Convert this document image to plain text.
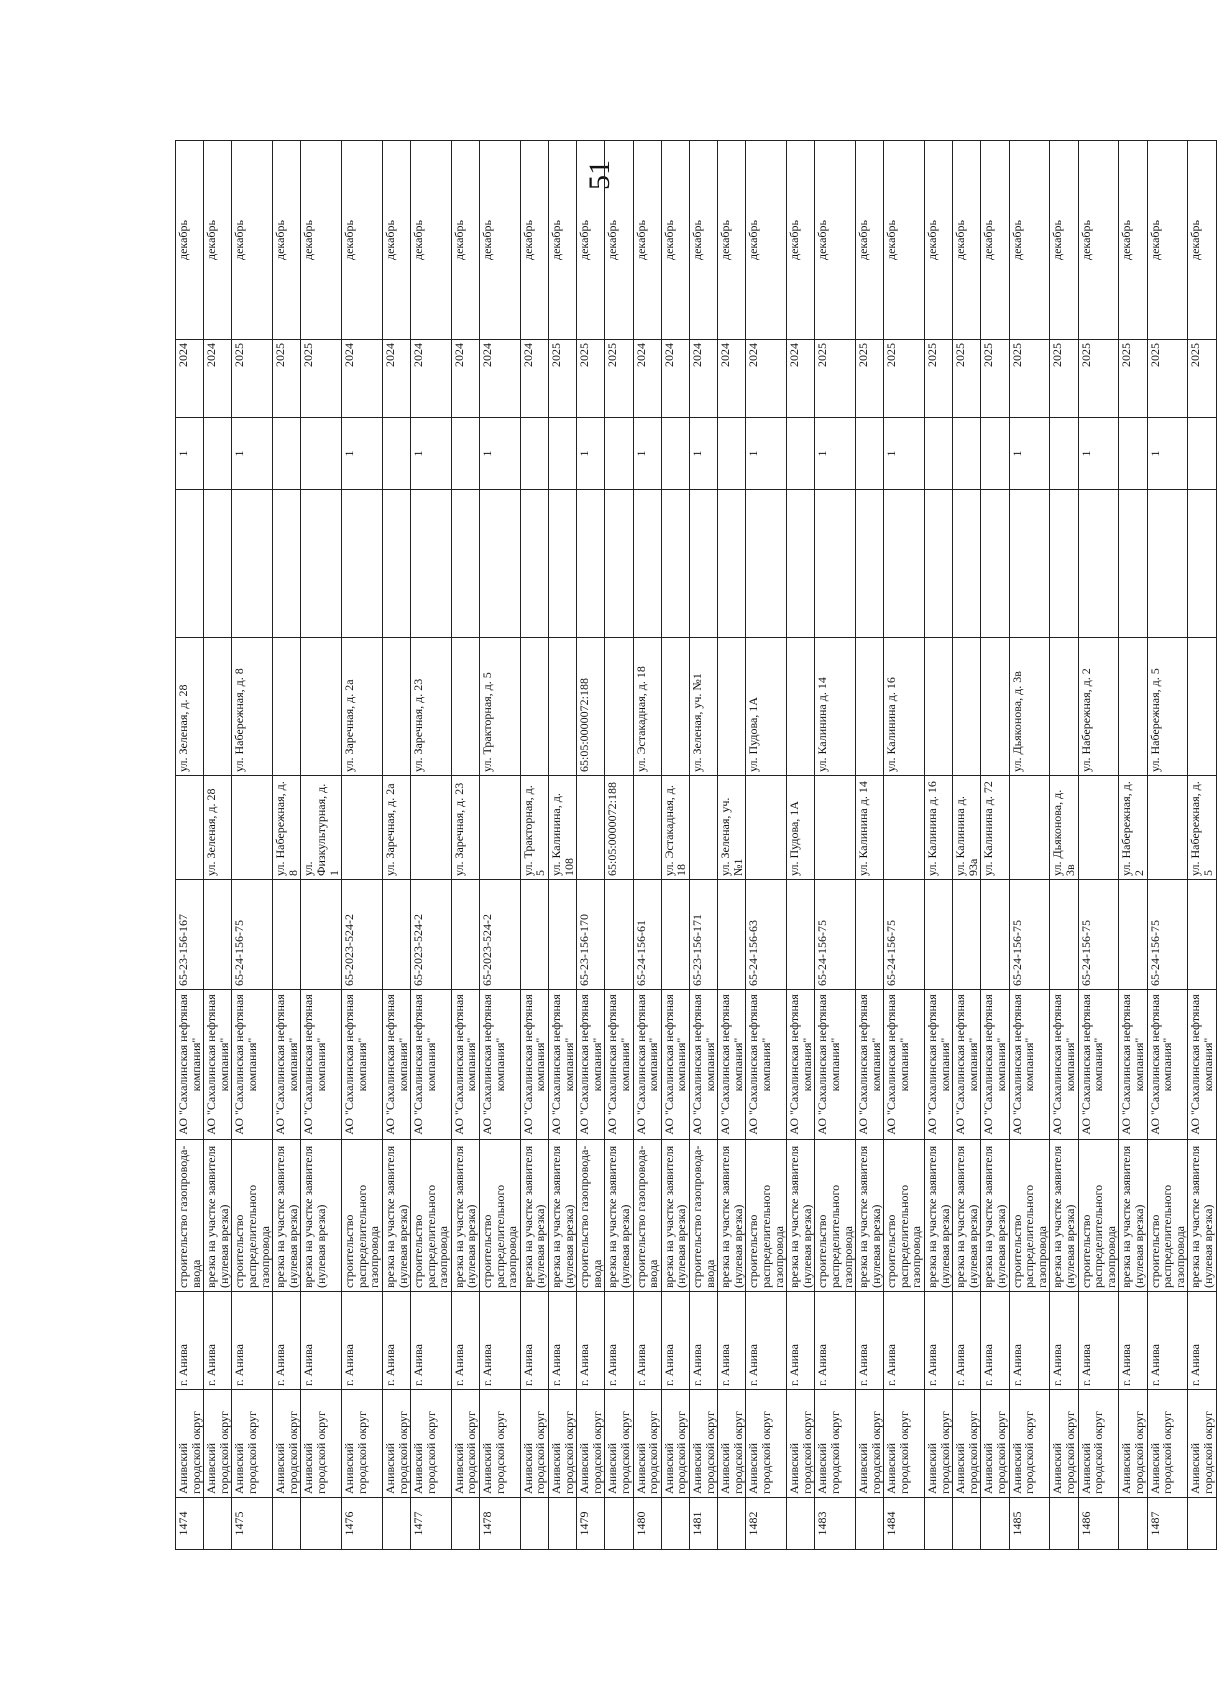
51
1474	Анивский городской округ	г. Анива	строительство газопровода-ввода	АО "Сахалинская нефтяная компания"	65-23-156-167		ул. Зеленая, д. 28		1	2024	декабрь
	Анивский городской округ	г. Анива	врезка на участке заявителя (нулевая врезка)	АО "Сахалинская нефтяная компания"		ул. Зеленая, д. 28				2024	декабрь
1475	Анивский городской округ	г. Анива	строительство распределительного газопровода	АО "Сахалинская нефтяная компания"	65-24-156-75		ул. Набережная, д. 8		1	2025	декабрь
	Анивский городской округ	г. Анива	врезка на участке заявителя (нулевая врезка)	АО "Сахалинская нефтяная компания"		ул. Набережная, д. 8				2025	декабрь
	Анивский городской округ	г. Анива	врезка на участке заявителя (нулевая врезка)	АО "Сахалинская нефтяная компания"		ул. Физкультурная, д. 1				2025	декабрь
1476	Анивский городской округ	г. Анива	строительство распределительного газопровода	АО "Сахалинская нефтяная компания"	65-2023-524-2		ул. Заречная, д. 2а		1	2024	декабрь
	Анивский городской округ	г. Анива	врезка на участке заявителя (нулевая врезка)	АО "Сахалинская нефтяная компания"		ул. Заречная, д. 2а				2024	декабрь
1477	Анивский городской округ	г. Анива	строительство распределительного газопровода	АО "Сахалинская нефтяная компания"	65-2023-524-2		ул. Заречная, д. 23		1	2024	декабрь
	Анивский городской округ	г. Анива	врезка на участке заявителя (нулевая врезка)	АО "Сахалинская нефтяная компания"		ул. Заречная, д. 23				2024	декабрь
1478	Анивский городской округ	г. Анива	строительство распределительного газопровода	АО "Сахалинская нефтяная компания"	65-2023-524-2		ул. Тракторная, д. 5		1	2024	декабрь
	Анивский городской округ	г. Анива	врезка на участке заявителя (нулевая врезка)	АО "Сахалинская нефтяная компания"		ул. Тракторная, д. 5				2024	декабрь
	Анивский городской округ	г. Анива	врезка на участке заявителя (нулевая врезка)	АО "Сахалинская нефтяная компания"		ул. Калинина, д. 108				2025	декабрь
1479	Анивский городской округ	г. Анива	строительство газопровода-ввода	АО "Сахалинская нефтяная компания"	65-23-156-170		65:05:0000072:188		1	2025	декабрь
	Анивский городской округ	г. Анива	врезка на участке заявителя (нулевая врезка)	АО "Сахалинская нефтяная компания"		65:05:0000072:188				2025	декабрь
1480	Анивский городской округ	г. Анива	строительство газопровода-ввода	АО "Сахалинская нефтяная компания"	65-24-156-61		ул. Эстакадная, д. 18		1	2024	декабрь
	Анивский городской округ	г. Анива	врезка на участке заявителя (нулевая врезка)	АО "Сахалинская нефтяная компания"		ул. Эстакадная, д. 18				2024	декабрь
1481	Анивский городской округ	г. Анива	строительство газопровода-ввода	АО "Сахалинская нефтяная компания"	65-23-156-171		ул. Зеленая, уч. №1		1	2024	декабрь
	Анивский городской округ	г. Анива	врезка на участке заявителя (нулевая врезка)	АО "Сахалинская нефтяная компания"		ул. Зеленая, уч. №1				2024	декабрь
1482	Анивский городской округ	г. Анива	строительство распределительного газопровода	АО "Сахалинская нефтяная компания"	65-24-156-63		ул. Пудова, 1А		1	2024	декабрь
	Анивский городской округ	г. Анива	врезка на участке заявителя (нулевая врезка)	АО "Сахалинская нефтяная компания"		ул. Пудова, 1А				2024	декабрь
1483	Анивский городской округ	г. Анива	строительство распределительного газопровода	АО "Сахалинская нефтяная компания"	65-24-156-75		ул. Калинина д. 14		1	2025	декабрь
	Анивский городской округ	г. Анива	врезка на участке заявителя (нулевая врезка)	АО "Сахалинская нефтяная компания"		ул. Калинина д. 14				2025	декабрь
1484	Анивский городской округ	г. Анива	строительство распределительного газопровода	АО "Сахалинская нефтяная компания"	65-24-156-75		ул. Калинина д. 16		1	2025	декабрь
	Анивский городской округ	г. Анива	врезка на участке заявителя (нулевая врезка)	АО "Сахалинская нефтяная компания"		ул. Калинина д. 16				2025	декабрь
	Анивский городской округ	г. Анива	врезка на участке заявителя (нулевая врезка)	АО "Сахалинская нефтяная компания"		ул. Калинина д. 93а				2025	декабрь
	Анивский городской округ	г. Анива	врезка на участке заявителя (нулевая врезка)	АО "Сахалинская нефтяная компания"		ул. Калинина д. 72				2025	декабрь
1485	Анивский городской округ	г. Анива	строительство распределительного газопровода	АО "Сахалинская нефтяная компания"	65-24-156-75		ул. Дьяконова, д. 3в		1	2025	декабрь
	Анивский городской округ	г. Анива	врезка на участке заявителя (нулевая врезка)	АО "Сахалинская нефтяная компания"		ул. Дьяконова, д. 3в				2025	декабрь
1486	Анивский городской округ	г. Анива	строительство распределительного газопровода	АО "Сахалинская нефтяная компания"	65-24-156-75		ул. Набережная, д. 2		1	2025	декабрь
	Анивский городской округ	г. Анива	врезка на участке заявителя (нулевая врезка)	АО "Сахалинская нефтяная компания"		ул. Набережная, д. 2				2025	декабрь
1487	Анивский городской округ	г. Анива	строительство распределительного газопровода	АО "Сахалинская нефтяная компания"	65-24-156-75		ул. Набережная, д. 5		1	2025	декабрь
	Анивский городской округ	г. Анива	врезка на участке заявителя (нулевая врезка)	АО "Сахалинская нефтяная компания"		ул. Набережная, д. 5				2025	декабрь
